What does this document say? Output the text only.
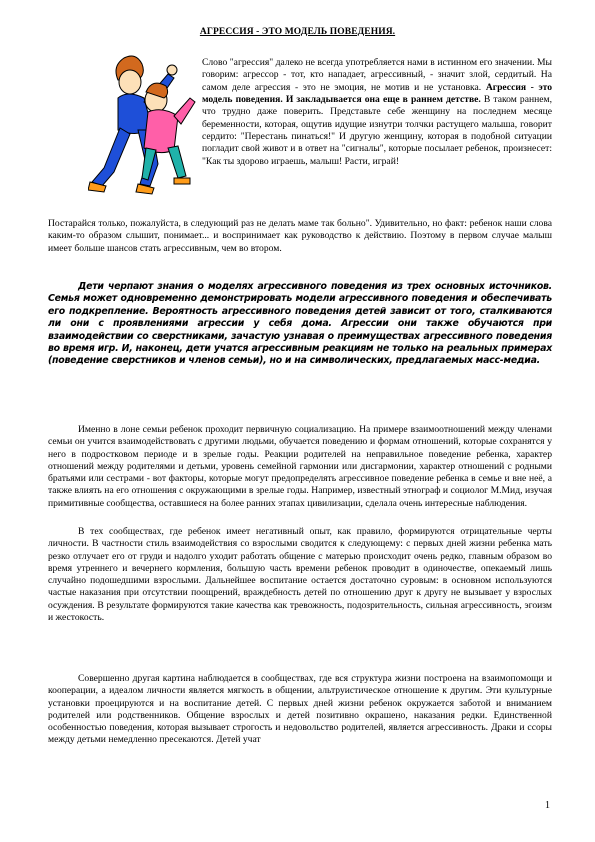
АГРЕССИЯ - ЭТО МОДЕЛЬ ПОВЕДЕНИЯ.

Слово "агрессия" далеко не всегда употребляется нами в истинном его значении. Мы говорим: агрессор - тот, кто нападает, агрессивный, - значит злой, сердитый. На самом деле агрессия - это не эмоция, не мотив и не установка. Агрессия - это модель поведения. И закладывается она еще в раннем детстве. В таком раннем, что трудно даже поверить. Представьте себе женщину на последнем месяце беременности, которая, ощутив идущие изнутри толчки растущего малыша, говорит сердито: "Перестань пинаться!" И другую женщину, которая в подобной ситуации погладит свой живот и в ответ на "сигналы", которые посылает ребенок, произнесет: "Как ты здорово играешь, малыш! Расти, играй!

Постарайся только, пожалуйста, в следующий раз не делать маме так больно". Удивительно, но факт: ребенок наши слова каким-то образом слышит, понимает... и воспринимает как руководство к действию. Поэтому в первом случае малыш имеет больше шансов стать агрессивным, чем во втором.

Дети черпают знания о моделях агрессивного поведения из трех основных источников. Семья может одновременно демонстрировать модели агрессивного поведения и обеспечивать его подкрепление. Вероятность агрессивного поведения детей зависит от того, сталкиваются ли они с проявлениями агрессии у себя дома. Агрессии они также обучаются при взаимодействии со сверстниками, зачастую узнавая о преимуществах агрессивного поведения во время игр. И, наконец, дети учатся агрессивным реакциям не только на реальных примерах (поведение сверстников и членов семьи), но и на символических, предлагаемых масс-медиа.

Именно в лоне семьи ребенок проходит первичную социализацию. На примере взаимоотношений между членами семьи он учится взаимодействовать с другими людьми, обучается поведению и формам отношений, которые сохранятся у него в подростковом периоде и в зрелые годы. Реакции родителей на неправильное поведение ребенка, характер отношений между родителями и детьми, уровень семейной гармонии или дисгармонии, характер отношений с родными братьями или сестрами - вот факторы, которые могут предопределять агрессивное поведение ребенка в семье и вне неё, а также влиять на его отношения с окружающими в зрелые годы. Например, известный этнограф и социолог М.Мид, изучая примитивные сообщества, оставшиеся на более ранних этапах цивилизации, сделала очень интересные наблюдения.

В тех сообществах, где ребенок имеет негативный опыт, как правило, формируются отрицательные черты личности. В частности стиль взаимодействия со взрослыми сводится к следующему: с первых дней жизни ребенка мать резко отлучает его от груди и надолго уходит работать общение с матерью происходит очень редко, главным образом во время утреннего и вечернего кормления, большую часть времени ребенок проводит в одиночестве, опекаемый лишь случайно подошедшими взрослыми. Дальнейшее воспитание остается достаточно суровым: в основном используются частые наказания при отсутствии поощрений, враждебность детей по отношению друг к другу не вызывает у взрослых осуждения. В результате формируются такие качества как тревожность, подозрительность, сильная агрессивность, эгоизм и жестокость.

Совершенно другая картина наблюдается в сообществах, где вся структура жизни построена на взаимопомощи и кооперации, а идеалом личности является мягкость в общении, альтруистическое отношение к другим. Эти культурные установки проецируются и на воспитание детей. С первых дней жизни ребенок окружается заботой и вниманием родителей или родственников. Общение взрослых и детей позитивно окрашено, наказания редки. Единственной особенностью поведения, которая вызывает строгость и недовольство родителей, является агрессивность. Драки и ссоры между детьми немедленно пресекаются. Детей учат

1
